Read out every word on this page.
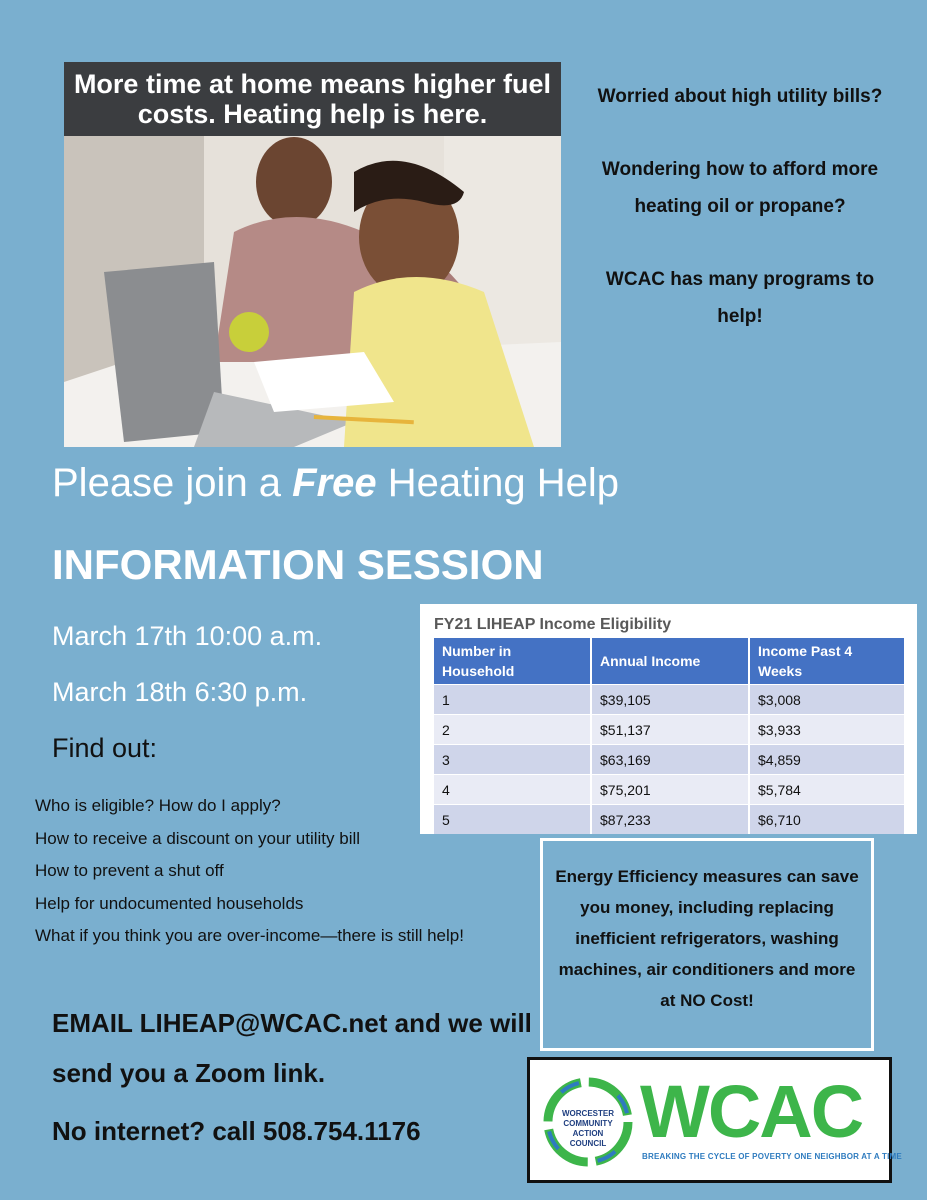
More time at home means higher fuel costs. Heating help is here.

Worried about high utility bills?

Wondering how to afford more heating oil or propane?

WCAC has many programs to help!

Please join a Free Heating Help
INFORMATION SESSION
March 17th 10:00 a.m.
March 18th 6:30 p.m.
Find out:
Who is eligible? How do I apply?
How to receive a discount on your utility bill
How to prevent a shut off
Help for undocumented households
What if you think you are over-income—there is still help!
FY21 LIHEAP Income Eligibility
Number in Household	Annual Income	Income Past 4 Weeks
1	$39,105	$3,008
2	$51,137	$3,933
3	$63,169	$4,859
4	$75,201	$5,784
5	$87,233	$6,710
Energy Efficiency measures can save you money, including replacing inefficient refrigerators, washing machines, air conditioners and more at NO Cost!
EMAIL LIHEAP@WCAC.net and we will send you a Zoom link.
No internet? call 508.754.1176
WORCESTER
COMMUNITY
ACTION
COUNCIL WCAC
BREAKING THE CYCLE OF POVERTY ONE NEIGHBOR AT A TIME
